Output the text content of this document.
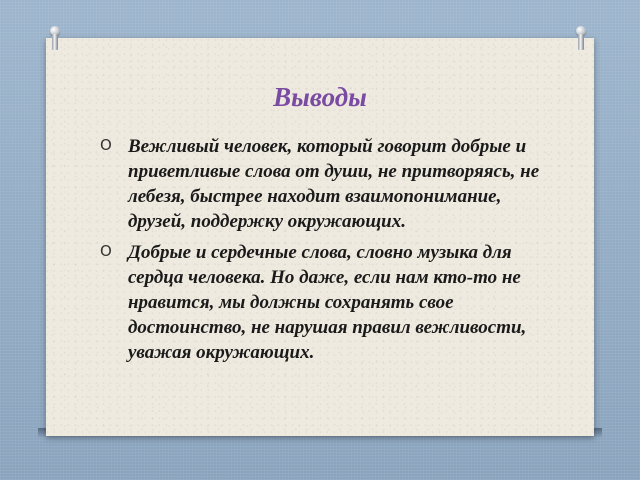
Выводы
O Вежливый человек, который говорит добрые и приветливые слова от души, не притворяясь, не лебезя, быстрее находит взаимопонимание, друзей, поддержку окружающих.
O Добрые и сердечные слова, словно музыка для сердца человека. Но даже, если нам кто-то не нравится, мы должны сохранять свое достоинство, не нарушая правил вежливости, уважая окружающих.
